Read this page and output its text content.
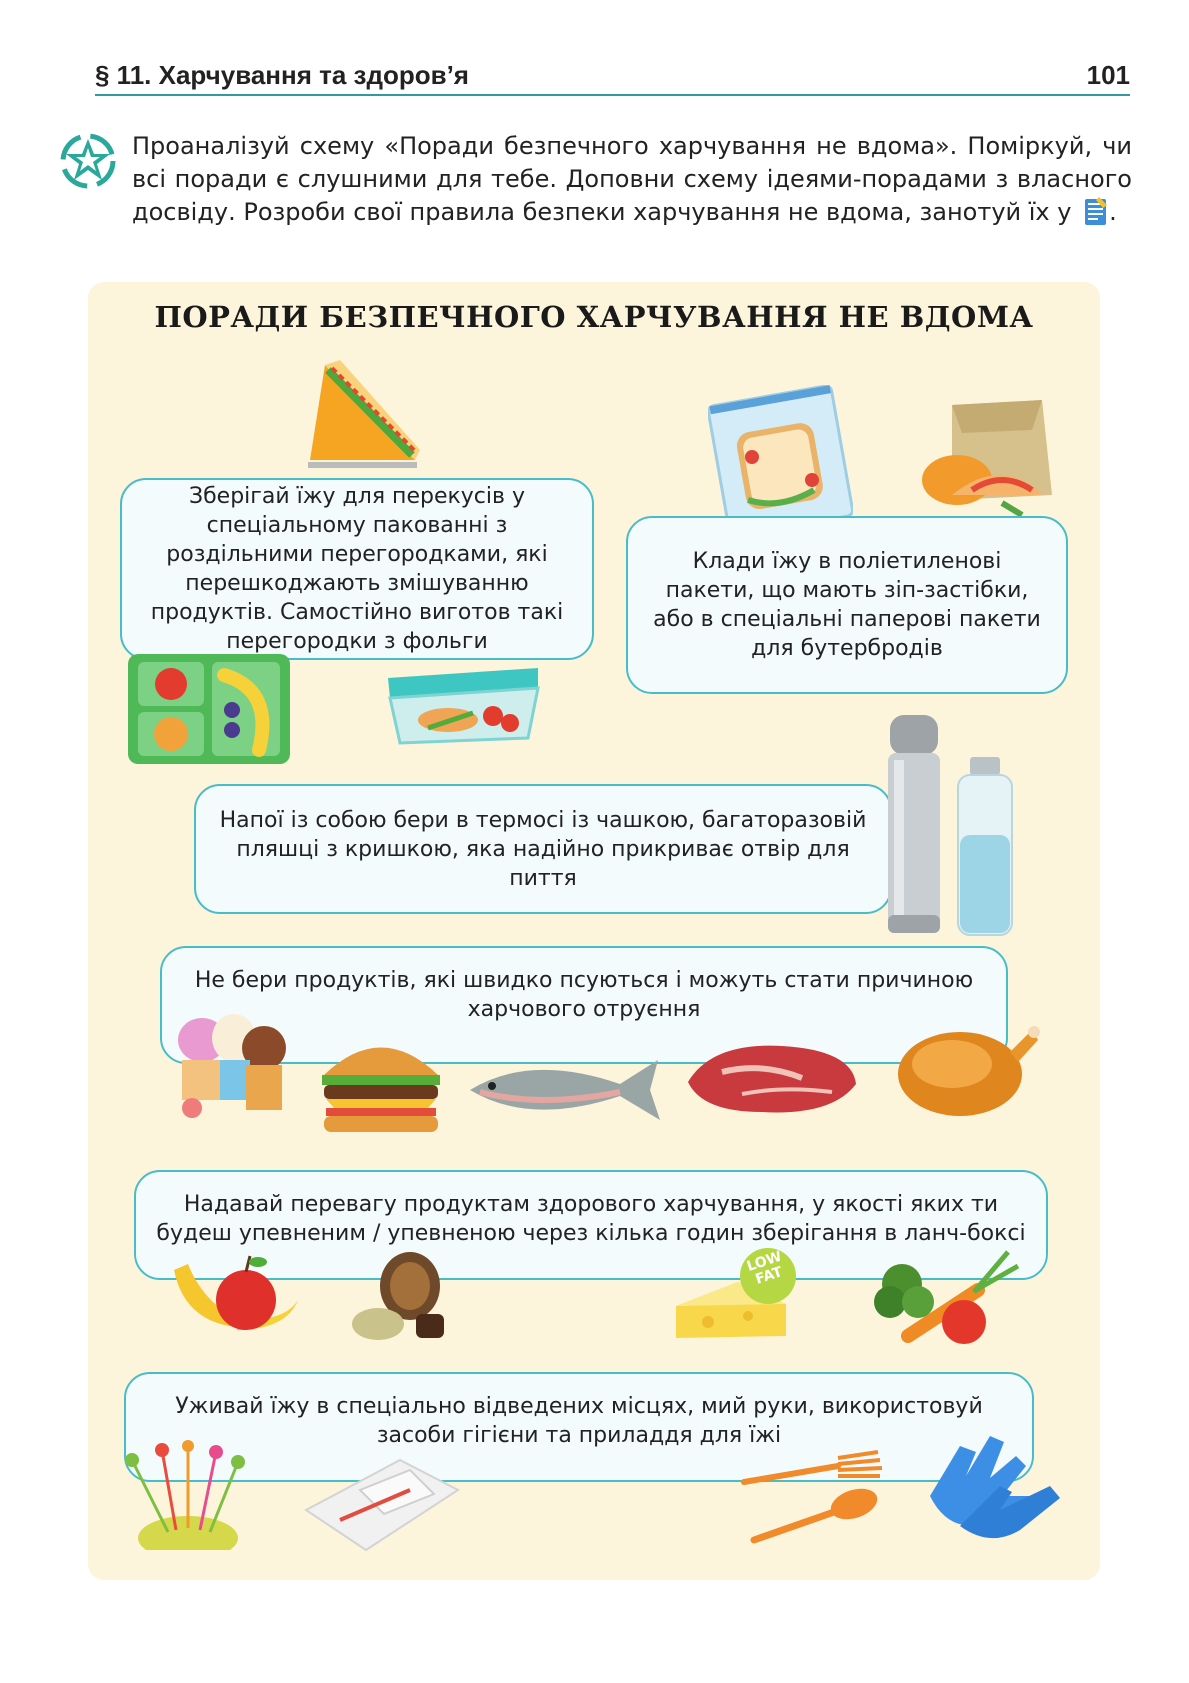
§ 11. Харчування та здоров’я	101
Проаналізуй схему «Поради безпечного харчування не вдома». Поміркуй, чи всі поради є слушними для тебе. Доповни схему ідеями-порадами з власного досвіду. Розроби свої правила безпеки харчування не вдома, занотуй їх у .
ПОРАДИ БЕЗПЕЧНОГО ХАРЧУВАННЯ НЕ ВДОМА
Зберігай їжу для перекусів у спеціальному пакованні з роздільними перегородками, які перешкоджають змішуванню продуктів. Самостійно виготов такі перегородки з фольги
Клади їжу в поліетиленові пакети, що мають зіп-застібки, або в спеціальні паперові пакети для бутербродів
Напої із собою бери в термосі із чашкою, багаторазовій пляшці з кришкою, яка надійно прикриває отвір для пиття
Не бери продуктів, які швидко псуються і можуть стати причиною харчового отруєння
Надавай перевагу продуктам здорового харчування, у якості яких ти будеш упевненим / упевненою через кілька годин зберігання в ланч-боксі
LOW FAT
Уживай їжу в спеціально відведених місцях, мий руки, використовуй засоби гігієни та приладдя для їжі
